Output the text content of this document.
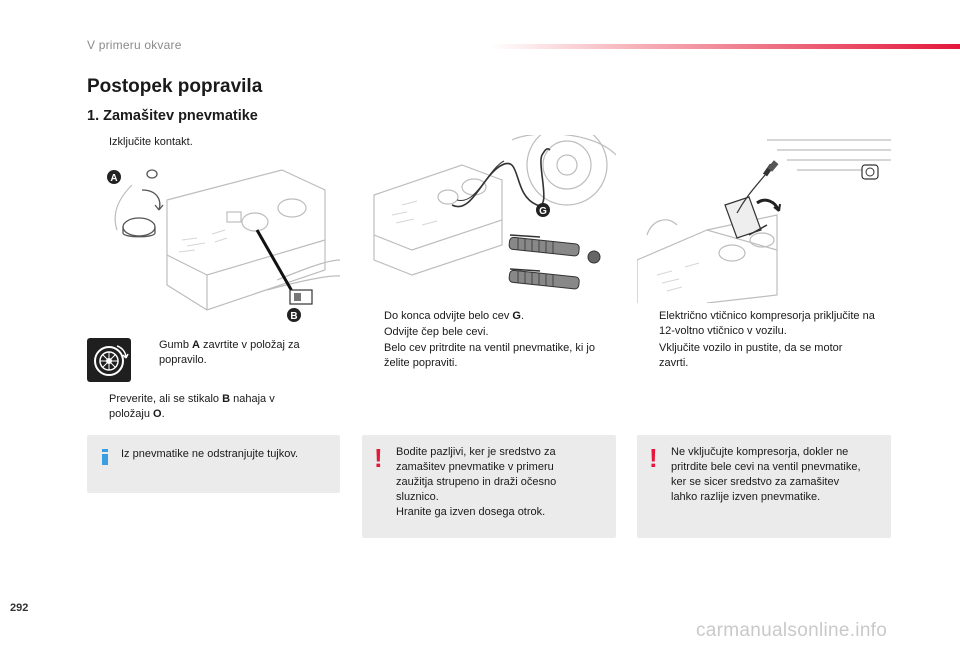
V primeru okvare
Postopek popravila
1. Zamašitev pnevmatike
Izključite kontakt.
A
B
Gumb A zavrtite v položaj za popravilo.
Preverite, ali se stikalo B nahaja v položaju O.
Iz pnevmatike ne odstranjujte tujkov.
G
Do konca odvijte belo cev G.
Odvijte čep bele cevi.
Belo cev pritrdite na ventil pnevmatike, ki jo želite popraviti.
! Bodite pazljivi, ker je sredstvo za
zamašitev pnevmatike v primeru
zaužitja strupeno in draži očesno
sluznico.
Hranite ga izven dosega otrok.
Električno vtičnico kompresorja priključite na 12-voltno vtičnico v vozilu.
Vključite vozilo in pustite, da se motor zavrti.
! Ne vključujte kompresorja, dokler ne
pritrdite bele cevi na ventil pnevmatike,
ker se sicer sredstvo za zamašitev
lahko razlije izven pnevmatike.
292
carmanualsonline.info
